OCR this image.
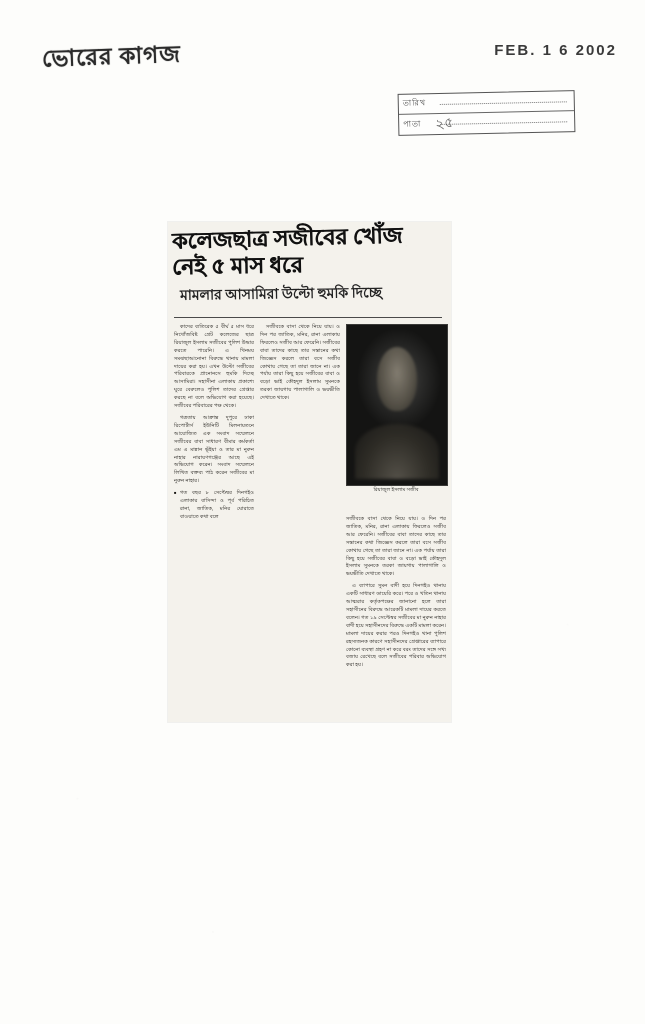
ভোরের কাগজ	FEB. 1 6 2002
তারিখ
পাতা ২৫
কলেজছাত্র সজীবের খোঁজ
নেই ৫ মাস ধরে
মামলার আসামিরা উল্টো হুমকি দিচ্ছে

কাদের ব্যতিরেক ৫ বীর্ঘ ৫ মাস ধরে নিখোঁজবিষ্ট গ্রেট কলেজের ছাত্র রিয়াজুল ইসলাম সজীবের পুলিশ উদ্ধার করতে পারেনি। এ খিনময় সমঝছাআনোনা বিরুদ্ধে থানায় মামলা দায়ের করা হয়। এখন উল্টো সজীবের পরিবারকে প্রানোনসে হুমকি দিচ্ছে আসামিরা। সহাসীনা এলাকায় প্রকাশ্যে ঘুরে বেরুলেও পুলিশ তাদের গ্রেপ্তার করছে না বলে অভিযোগ করা হয়েছে। সজীবের পরিবারের পক্ষ থেকে।

গত্রতায় আক্রান্ত দুপুরে ঢাকা রিপোর্টার্স ইউনিটি মিলনায়তনে আয়োজিত এক সংবাদ সম্মেলনে সজীবের বাবা সাধারণ বীমার কর্মকর্তা এম এ মান্নান ভূঁইয়া ও তার মা নুরুন নাহার নারায়ণগঞ্জের আছে এই অভিযোগ করেন। সংবাদ সম্মেলনে লিখিত বক্তব্য পাঠ করেন সজীবের মা নুরুন নাহার।

■ গত বছর ৮ সেপ্টেম্বর দিনগইও এলাকার বাসিন্দা ও পূর্ব পরিচিত রানা, জাতিক, মনির ঘোরাতে বাওয়াতে কথা বলে

সজীবকে বাসা থেকে নিয়ে যায়। ও দিন পর জাতিক, মনির, রানা এলাকায় ফিরলেও সজীব আর ফেরেনি। সজীবের বাবা তাদের কাছে তার সন্তানের কথা জিজ্ঞেস করলে তারা বসে সজীব কোথায় গেছে তা তারা জানে না। এক পর্যায় তারা কিছু হয়ে সজীবের বাবা ও বড়ো ভাই কৌহদুল ইসলাম সুমনকে তরকা জায়গায় পালাগালি ও ভয়ভীতি দেখাতে থাকে।

রিয়াজুল ইসলাম সজীব

সজীবকে বাসা থেকে নিয়ে যায়। ও দিন পর জাতিক, মনির, রানা এলাকায় ফিরলেও সজীব আর ফেরেনি। সজীবের বাবা তাদের কাছে তার সন্তানের কথা জিজ্ঞেস করলে তারা বসে সজীব কোথায় গেছে তা তারা জানে না। এক পর্যায় তারা কিছু হয়ে সজীবের বাবা ও বড়ো ভাই কৌহদুল ইসলাম সুমনকে তরকা জায়গায় পালাগালি ও ভয়ভীতি দেখাতে থাকে।

এ ব্যাপারে সুমন বাদী হয়ে দিনগইও থানায় একটি সাধারণ ডায়েরি করে। পরে ও খতিন থানায় আত্মরার কর্তৃকপক্ষের জানানো হলে তারা সহাসীনের বিরুদ্ধে আরেকটি মামলা দায়ের করতে বলেন। গত ১৯ সেপ্টেম্বর সজীবের মা নুরুন নাহার বাদী হয়ে সহাসীনদের বিরুদ্ধে একটি মামলা করেন। মামলা দায়ের করার পরও দিনগইও থানা পুলিশ রহস্যজনক কারণে সহাসীনদের গ্রেপ্তারের ব্যাপারে কোনো ব্যবস্থা গ্রহণ না করে বরং তাদের সঙ্গে সখ্য বজায় রেখেছে বলে সজীবের পরিবার অভিযোগ করা হয়।
